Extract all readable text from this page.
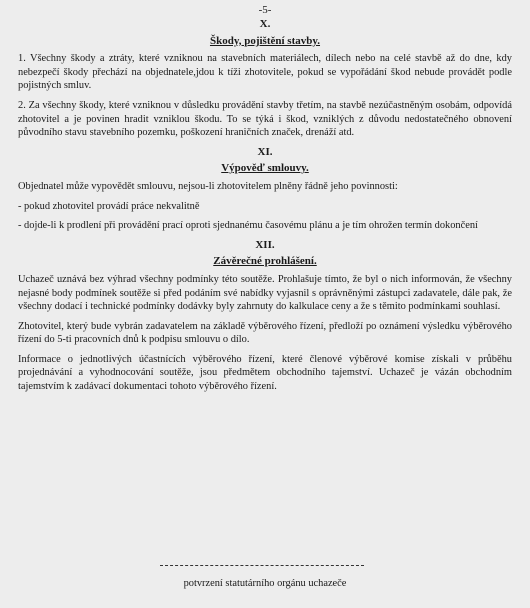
-5-
X.
Škody, pojištění stavby.

1. Všechny škody a ztráty, které vzniknou na stavebních materiálech, dílech nebo na celé stavbě až do dne, kdy nebezpečí škody přechází na objednatele,jdou k tíži zhotovitele, pokud se vypořádání škod nebude provádět podle pojistných smluv.

2. Za všechny škody, které vzniknou v důsledku provádění stavby třetím, na stavbě nezúčastněným osobám, odpovídá zhotovitel a je povinen hradit vzniklou škodu. To se týká i škod, vzniklých z důvodu nedostatečného obnovení původního stavu stavebního pozemku, poškození hraničních značek, drenáží atd.

XI.
Výpověď smlouvy.

Objednatel může vypovědět smlouvu, nejsou-li zhotovitelem plněny řádně jeho povinnosti:

- pokud zhotovitel provádí práce nekvalitně

- dojde-li k prodlení při provádění prací oproti sjednanému časovému plánu a je tím ohrožen termín dokončení

XII.
Závěrečné prohlášení.

Uchazeč uznává bez výhrad všechny podmínky této soutěže. Prohlašuje tímto, že byl o nich informován, že všechny nejasné body podmínek soutěže si před podáním své nabídky vyjasnil s oprávněnými zástupci zadavatele, dále pak, že všechny dodací i technické podmínky dodávky byly zahrnuty do kalkulace ceny a že s těmito podmínkami souhlasí.

Zhotovitel, který bude vybrán zadavatelem na základě výběrového řízení, předloží po oznámení výsledku výběrového řízení do 5-ti pracovních dnů k podpisu smlouvu o dílo.

Informace o jednotlivých účastnících výběrového řízení, které členové výběrové komise získali v průběhu projednávání a vyhodnocování soutěže, jsou předmětem obchodního tajemství. Uchazeč je vázán obchodním tajemstvím k zadávací dokumentaci tohoto výběrového řízení.

potvrzení statutárního orgánu uchazeče
